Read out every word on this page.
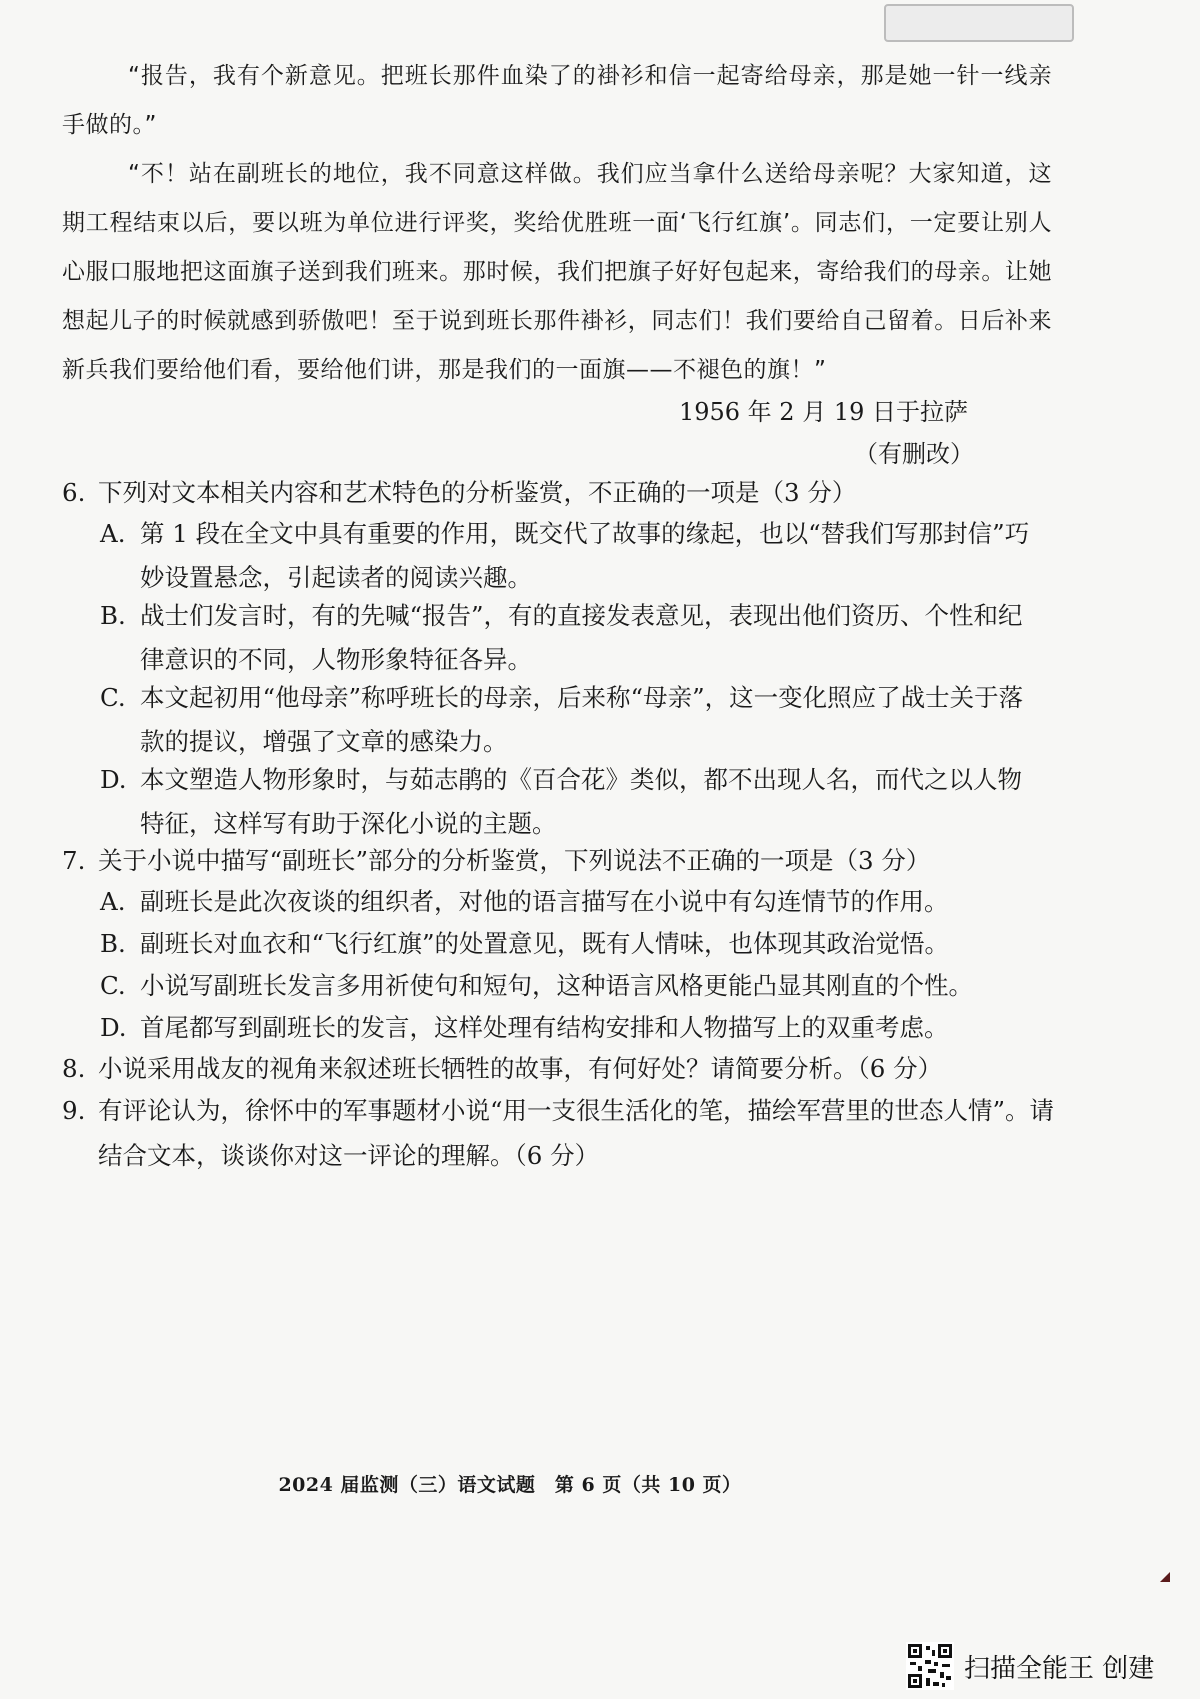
“报告，我有个新意见。把班长那件血染了的褂衫和信一起寄给母亲，那是她一针一线亲手做的。”

“不！站在副班长的地位，我不同意这样做。我们应当拿什么送给母亲呢？大家知道，这期工程结束以后，要以班为单位进行评奖，奖给优胜班一面‘飞行红旗’。同志们，一定要让别人心服口服地把这面旗子送到我们班来。那时候，我们把旗子好好包起来，寄给我们的母亲。让她想起儿子的时候就感到骄傲吧！至于说到班长那件褂衫，同志们！我们要给自己留着。日后补来新兵我们要给他们看，要给他们讲，那是我们的一面旗——不褪色的旗！”

1956 年 2 月 19 日于拉萨
（有删改）
6. 下列对文本相关内容和艺术特色的分析鉴赏，不正确的一项是（3 分）
A. 第 1 段在全文中具有重要的作用，既交代了故事的缘起，也以“替我们写那封信”巧妙设置悬念，引起读者的阅读兴趣。
B. 战士们发言时，有的先喊“报告”，有的直接发表意见，表现出他们资历、个性和纪律意识的不同，人物形象特征各异。
C. 本文起初用“他母亲”称呼班长的母亲，后来称“母亲”，这一变化照应了战士关于落款的提议，增强了文章的感染力。
D. 本文塑造人物形象时，与茹志鹃的《百合花》类似，都不出现人名，而代之以人物特征，这样写有助于深化小说的主题。
7. 关于小说中描写“副班长”部分的分析鉴赏，下列说法不正确的一项是（3 分）
A. 副班长是此次夜谈的组织者，对他的语言描写在小说中有勾连情节的作用。
B. 副班长对血衣和“飞行红旗”的处置意见，既有人情味，也体现其政治觉悟。
C. 小说写副班长发言多用祈使句和短句，这种语言风格更能凸显其刚直的个性。
D. 首尾都写到副班长的发言，这样处理有结构安排和人物描写上的双重考虑。
8. 小说采用战友的视角来叙述班长牺牲的故事，有何好处？请简要分析。（6 分）
9. 有评论认为，徐怀中的军事题材小说“用一支很生活化的笔，描绘军营里的世态人情”。请结合文本，谈谈你对这一评论的理解。（6 分）
2024 届监测（三）语文试题　第 6 页（共 10 页）
扫描全能王 创建
